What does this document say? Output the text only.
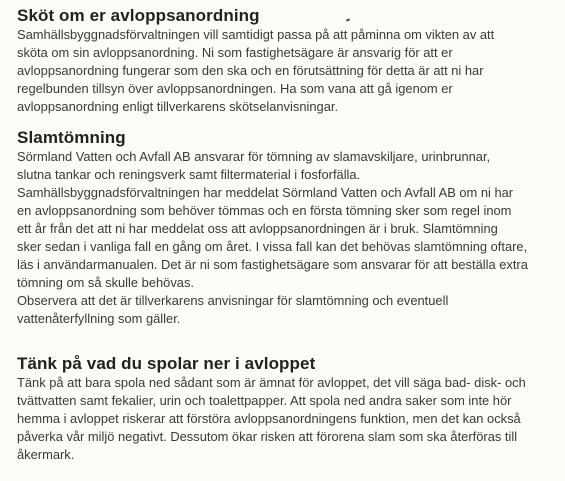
Sköt om er avloppsanordning

Samhällsbyggnadsförvaltningen vill samtidigt passa på att påminna om vikten av att
sköta om sin avloppsanordning. Ni som fastighetsägare är ansvarig för att er
avloppsanordning fungerar som den ska och en förutsättning för detta är att ni har
regelbunden tillsyn över avloppsanordningen. Ha som vana att gå igenom er
avloppsanordning enligt tillverkarens skötselanvisningar.

Slamtömning

Sörmland Vatten och Avfall AB ansvarar för tömning av slamavskiljare, urinbrunnar,
slutna tankar och reningsverk samt filtermaterial i fosforfälla.
Samhällsbyggnadsförvaltningen har meddelat Sörmland Vatten och Avfall AB om ni har
en avloppsanordning som behöver tömmas och en första tömning sker som regel inom
ett år från det att ni har meddelat oss att avloppsanordningen är i bruk. Slamtömning
sker sedan i vanliga fall en gång om året. I vissa fall kan det behövas slamtömning oftare,
läs i användarmanualen. Det är ni som fastighetsägare som ansvarar för att beställa extra
tömning om så skulle behövas.
Observera att det är tillverkarens anvisningar för slamtömning och eventuell
vattenåterfyllning som gäller.

Tänk på vad du spolar ner i avloppet

Tänk på att bara spola ned sådant som är ämnat för avloppet, det vill säga bad- disk- och
tvättvatten samt fekalier, urin och toalettpapper. Att spola ned andra saker som inte hör
hemma i avloppet riskerar att förstöra avloppsanordningens funktion, men det kan också
påverka vår miljö negativt. Dessutom ökar risken att förorena slam som ska återföras till
åkermark.
